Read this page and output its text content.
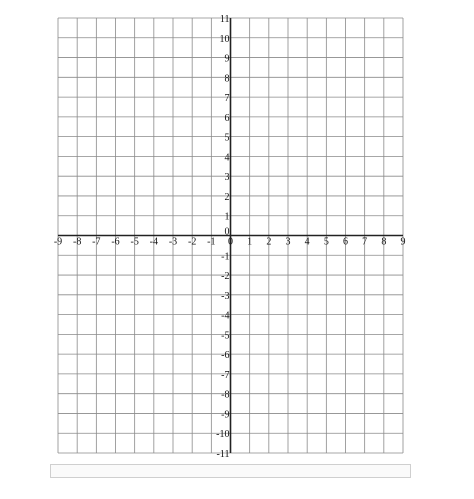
-9 -8 -7 -6 -5 -4 -3 -2 -1 0 1 2 3 4 5 6 7 8 9
-11
-10
-9
-8
-7
-6
-5
-4
-3
-2
-1
0
1
2
3
4
5
6
7
8
9
10
11
